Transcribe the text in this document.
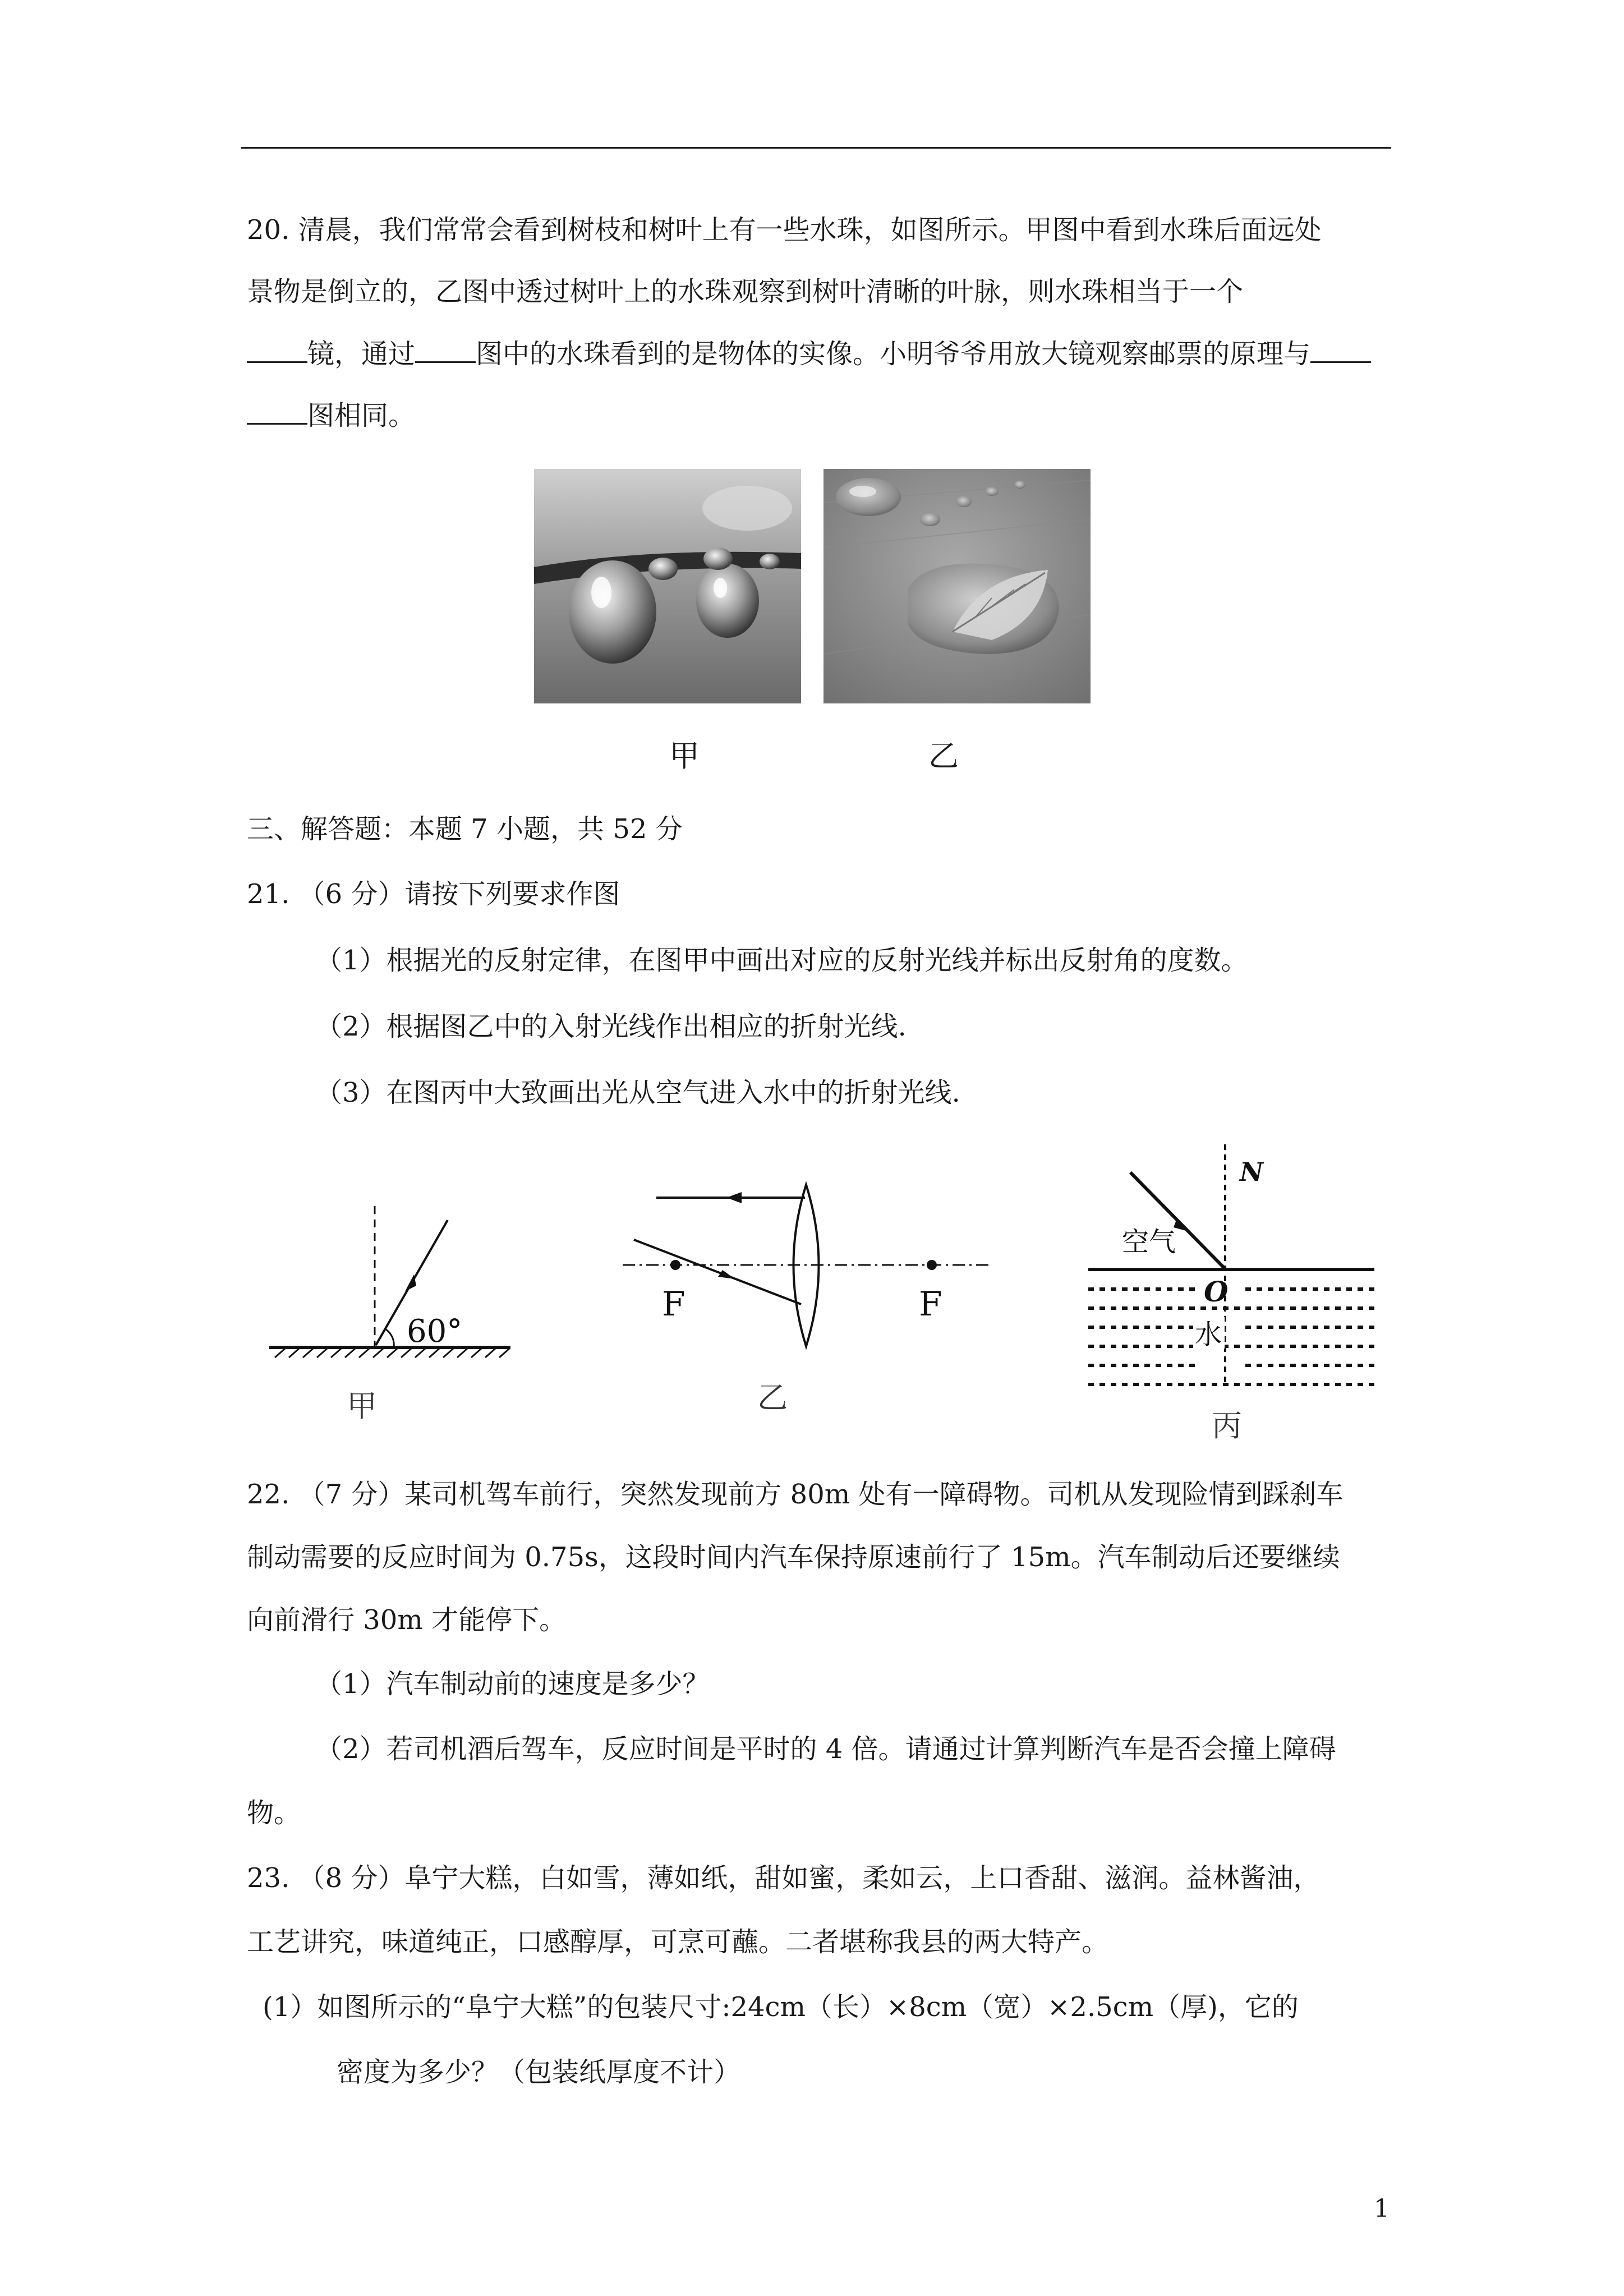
20. 清晨，我们常常会看到树枝和树叶上有一些水珠，如图所示。甲图中看到水珠后面远处
景物是倒立的，乙图中透过树叶上的水珠观察到树叶清晰的叶脉，则水珠相当于一个
镜，通过 图中的水珠看到的是物体的实像。小明爷爷用放大镜观察邮票的原理与
图相同。
甲	乙
三、解答题：本题 7 小题，共 52 分
21. （6 分）请按下列要求作图
（1）根据光的反射定律，在图甲中画出对应的反射光线并标出反射角的度数。
（2）根据图乙中的入射光线作出相应的折射光线.
（3）在图丙中大致画出光从空气进入水中的折射光线.
60°
甲
F	F
乙
N
空气
O
水
丙
22. （7 分）某司机驾车前行，突然发现前方 80m 处有一障碍物。司机从发现险情到踩刹车
制动需要的反应时间为 0.75s，这段时间内汽车保持原速前行了 15m。汽车制动后还要继续
向前滑行 30m 才能停下。
（1）汽车制动前的速度是多少？
（2）若司机酒后驾车，反应时间是平时的 4 倍。请通过计算判断汽车是否会撞上障碍
物。
23. （8 分）阜宁大糕，白如雪，薄如纸，甜如蜜，柔如云，上口香甜、滋润。益林酱油，
工艺讲究，味道纯正，口感醇厚，可烹可蘸。二者堪称我县的两大特产。
(1）如图所示的“阜宁大糕”的包装尺寸:24cm（长）×8cm（宽）×2.5cm（厚)，它的
密度为多少？（包装纸厚度不计）
1
